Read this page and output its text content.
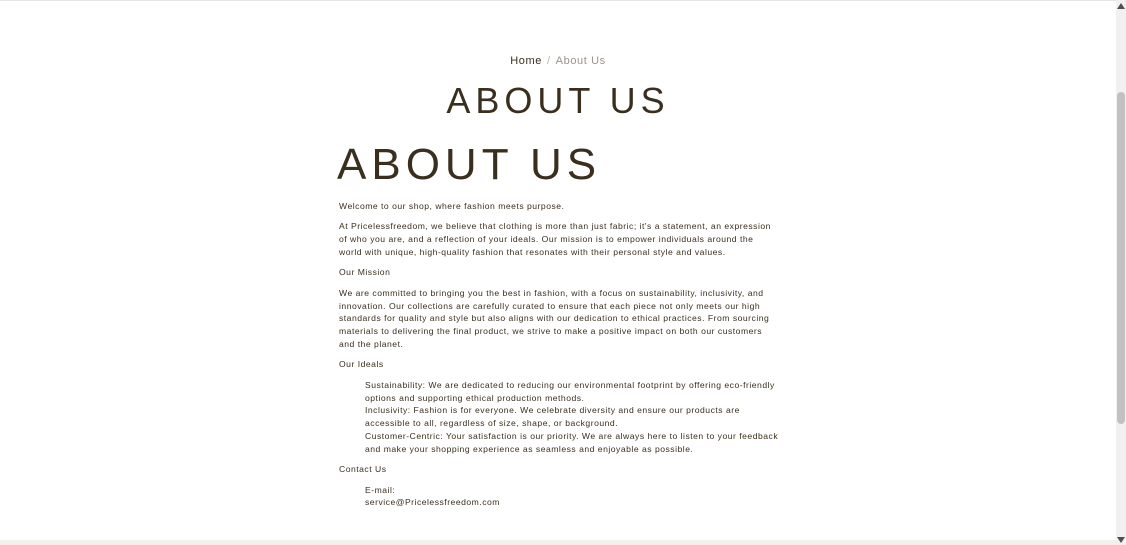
Home / About Us
ABOUT US
ABOUT US

Welcome to our shop, where fashion meets purpose.

At Pricelessfreedom, we believe that clothing is more than just fabric; it's a statement, an expression of who you are, and a reflection of your ideals. Our mission is to empower individuals around the world with unique, high-quality fashion that resonates with their personal style and values.

Our Mission

We are committed to bringing you the best in fashion, with a focus on sustainability, inclusivity, and innovation. Our collections are carefully curated to ensure that each piece not only meets our high standards for quality and style but also aligns with our dedication to ethical practices. From sourcing materials to delivering the final product, we strive to make a positive impact on both our customers and the planet.

Our Ideals

Sustainability: We are dedicated to reducing our environmental footprint by offering eco-friendly options and supporting ethical production methods.
Inclusivity: Fashion is for everyone. We celebrate diversity and ensure our products are accessible to all, regardless of size, shape, or background.
Customer-Centric: Your satisfaction is our priority. We are always here to listen to your feedback and make your shopping experience as seamless and enjoyable as possible.

Contact Us

E-mail:
service@Pricelessfreedom.com
